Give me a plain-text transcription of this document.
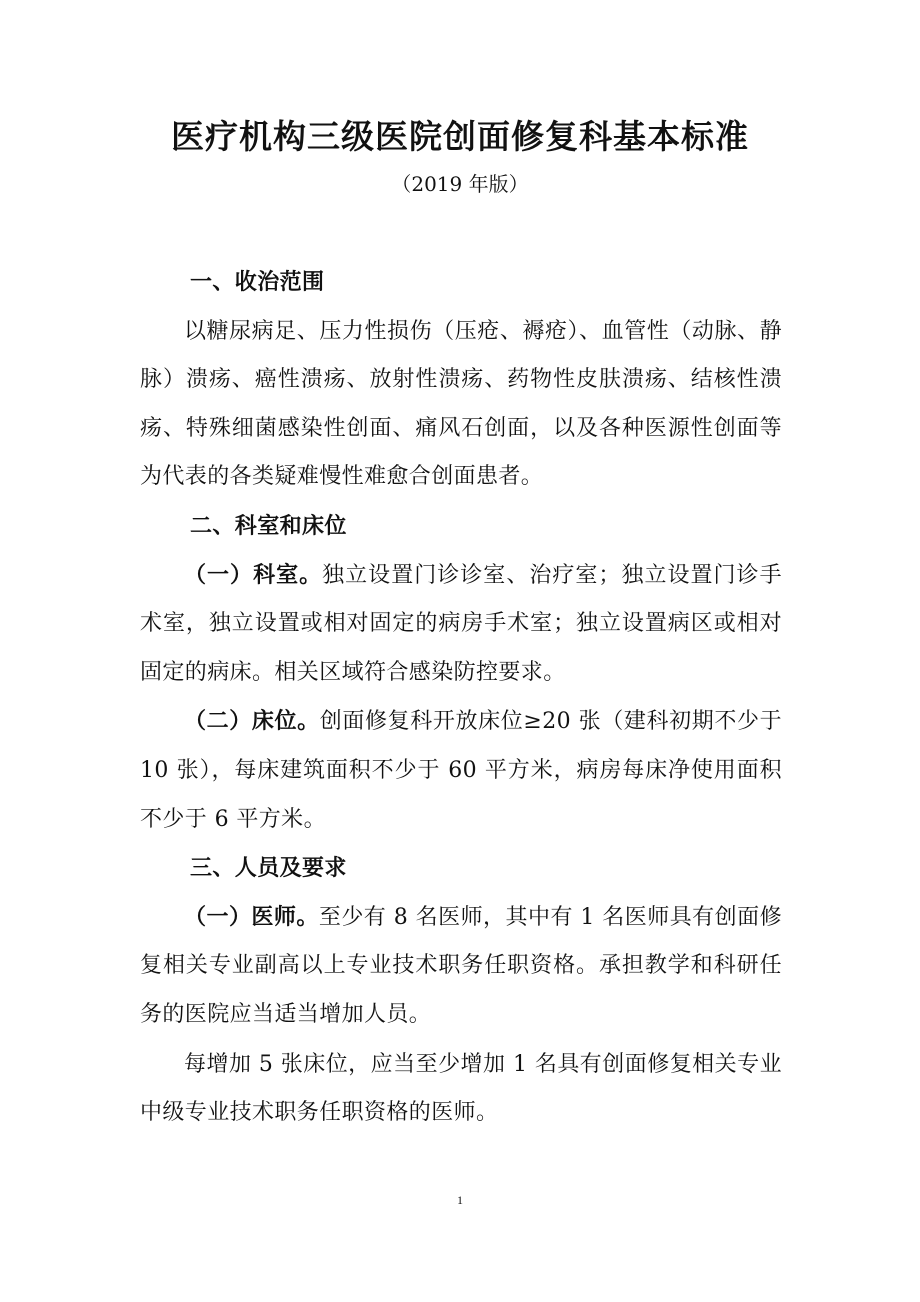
医疗机构三级医院创面修复科基本标准
（2019 年版）

一、收治范围

以糖尿病足、压力性损伤（压疮、褥疮）、血管性（动脉、静脉）溃疡、癌性溃疡、放射性溃疡、药物性皮肤溃疡、结核性溃疡、特殊细菌感染性创面、痛风石创面，以及各种医源性创面等为代表的各类疑难慢性难愈合创面患者。

二、科室和床位

（一）科室。独立设置门诊诊室、治疗室；独立设置门诊手术室，独立设置或相对固定的病房手术室；独立设置病区或相对固定的病床。相关区域符合感染防控要求。

（二）床位。创面修复科开放床位≥20 张（建科初期不少于 10 张），每床建筑面积不少于 60 平方米，病房每床净使用面积不少于 6 平方米。

三、人员及要求

（一）医师。至少有 8 名医师，其中有 1 名医师具有创面修复相关专业副高以上专业技术职务任职资格。承担教学和科研任务的医院应当适当增加人员。

每增加 5 张床位，应当至少增加 1 名具有创面修复相关专业中级专业技术职务任职资格的医师。

1
